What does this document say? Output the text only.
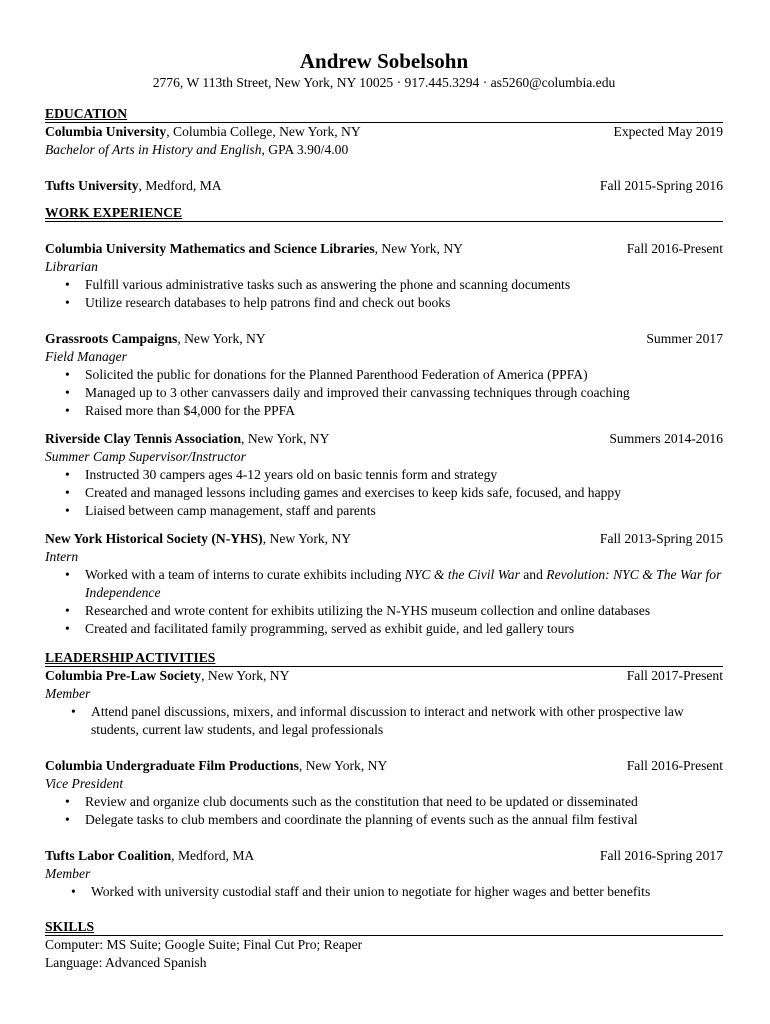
Andrew Sobelsohn

2776, W 113th Street, New York, NY 10025 · 917.445.3294 · as5260@columbia.edu

EDUCATION
Columbia University, Columbia College, New York, NY	Expected May 2019
Bachelor of Arts in History and English, GPA 3.90/4.00
Tufts University, Medford, MA	Fall 2015-Spring 2016
WORK EXPERIENCE
Columbia University Mathematics and Science Libraries, New York, NY	Fall 2016-Present
Librarian
• Fulfill various administrative tasks such as answering the phone and scanning documents
• Utilize research databases to help patrons find and check out books
Grassroots Campaigns, New York, NY	Summer 2017
Field Manager
• Solicited the public for donations for the Planned Parenthood Federation of America (PPFA)
• Managed up to 3 other canvassers daily and improved their canvassing techniques through coaching
• Raised more than $4,000 for the PPFA
Riverside Clay Tennis Association, New York, NY	Summers 2014-2016
Summer Camp Supervisor/Instructor
• Instructed 30 campers ages 4-12 years old on basic tennis form and strategy
• Created and managed lessons including games and exercises to keep kids safe, focused, and happy
• Liaised between camp management, staff and parents
New York Historical Society (N-YHS), New York, NY	Fall 2013-Spring 2015
Intern
• Worked with a team of interns to curate exhibits including NYC & the Civil War and Revolution: NYC & The War for Independence
• Researched and wrote content for exhibits utilizing the N-YHS museum collection and online databases
• Created and facilitated family programming, served as exhibit guide, and led gallery tours
LEADERSHIP ACTIVITIES
Columbia Pre-Law Society, New York, NY	Fall 2017-Present
Member
• Attend panel discussions, mixers, and informal discussion to interact and network with other prospective law students, current law students, and legal professionals
Columbia Undergraduate Film Productions, New York, NY	Fall 2016-Present
Vice President
• Review and organize club documents such as the constitution that need to be updated or disseminated
• Delegate tasks to club members and coordinate the planning of events such as the annual film festival
Tufts Labor Coalition, Medford, MA	Fall 2016-Spring 2017
Member
• Worked with university custodial staff and their union to negotiate for higher wages and better benefits
SKILLS
Computer: MS Suite; Google Suite; Final Cut Pro; Reaper
Language: Advanced Spanish
